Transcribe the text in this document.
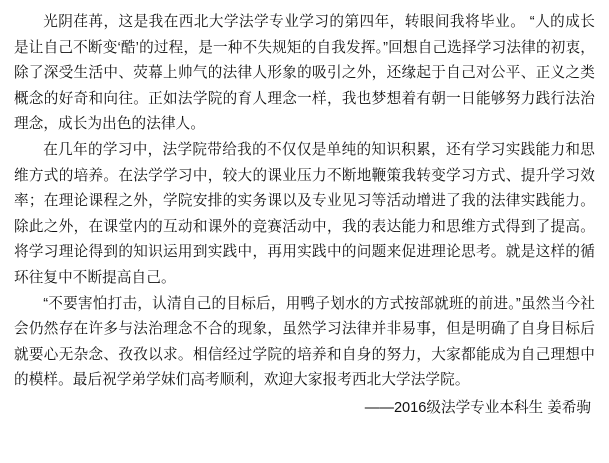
光阴荏苒，这是我在西北大学法学专业学习的第四年，转眼间我将毕业。 “人的成长是让自己不断变‘酷’的过程，是一种不失规矩的自我发挥。”回想自己选择学习法律的初衷，除了深受生活中、荧幕上帅气的法律人形象的吸引之外，还缘起于自己对公平、正义之类概念的好奇和向往。正如法学院的育人理念一样，我也梦想着有朝一日能够努力践行法治理念，成长为出色的法律人。

在几年的学习中，法学院带给我的不仅仅是单纯的知识积累，还有学习实践能力和思维方式的培养。在法学学习中，较大的课业压力不断地鞭策我转变学习方式、提升学习效率；在理论课程之外，学院安排的实务课以及专业见习等活动增进了我的法律实践能力。除此之外，在课堂内的互动和课外的竞赛活动中，我的表达能力和思维方式得到了提高。将学习理论得到的知识运用到实践中，再用实践中的问题来促进理论思考。就是这样的循环往复中不断提高自己。

“不要害怕打击，认清自己的目标后，用鸭子划水的方式按部就班的前进。”虽然当今社会仍然存在许多与法治理念不合的现象，虽然学习法律并非易事，但是明确了自身目标后就要心无杂念、孜孜以求。相信经过学院的培养和自身的努力，大家都能成为自己理想中的模样。最后祝学弟学妹们高考顺利，欢迎大家报考西北大学法学院。

——2016级法学专业本科生 姜希驹
